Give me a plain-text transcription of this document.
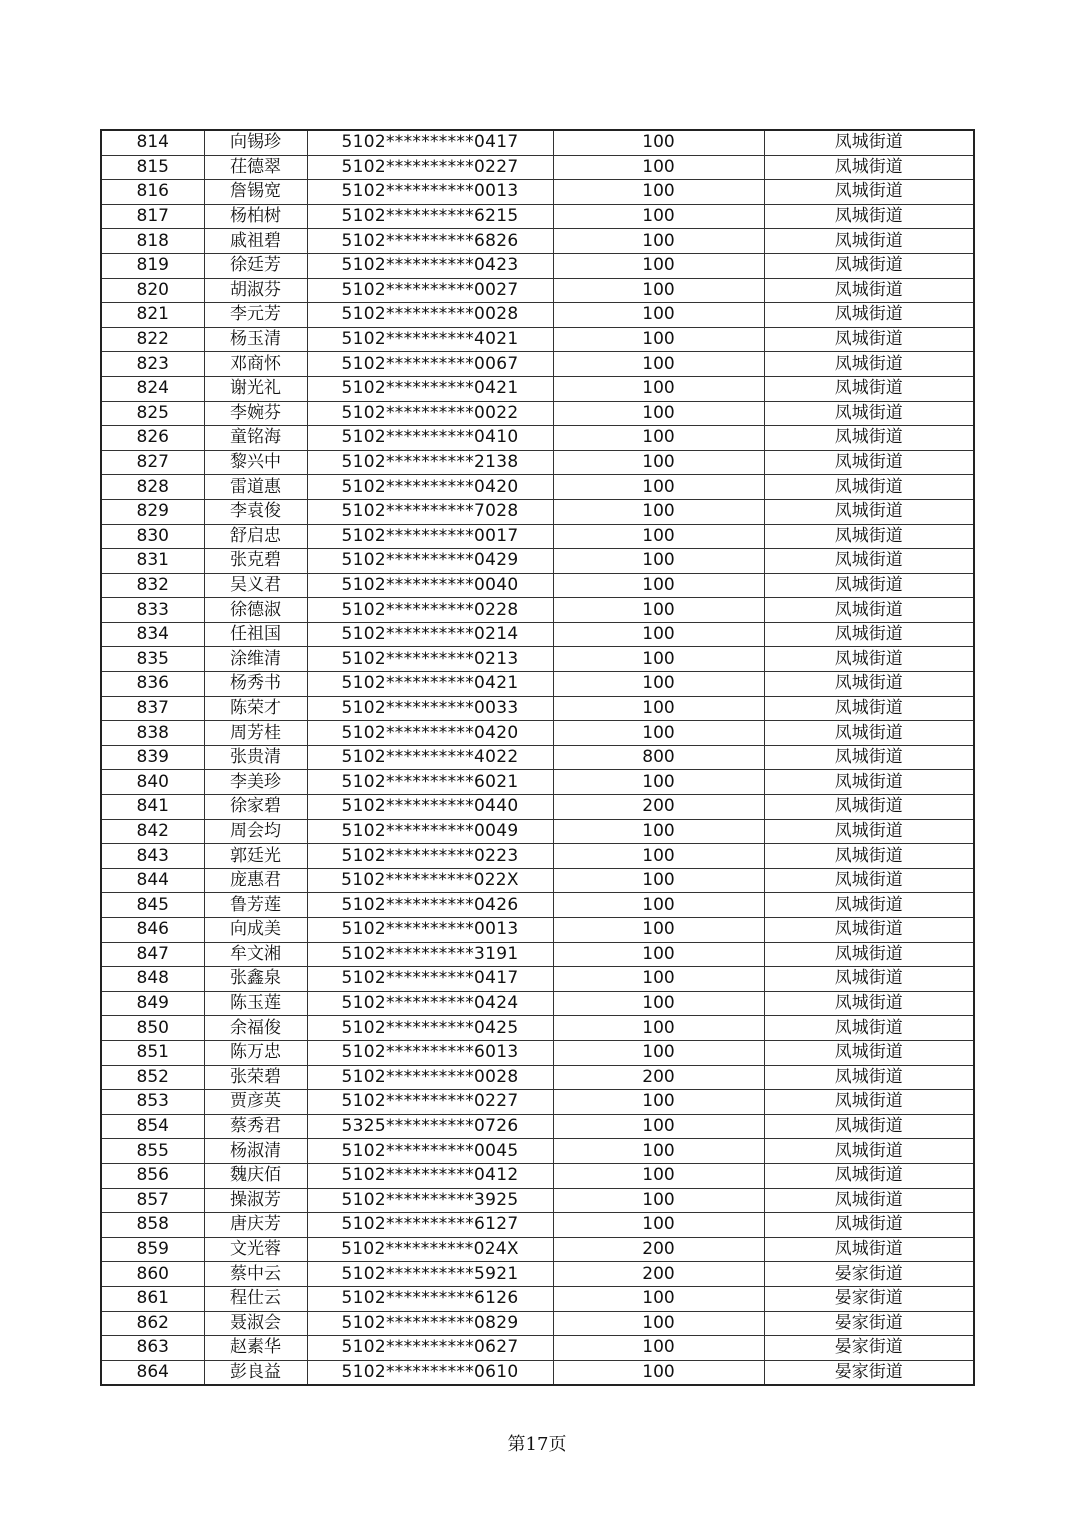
814	向锡珍	5102**********0417	100	凤城街道
815	茌德翠	5102**********0227	100	凤城街道
816	詹锡宽	5102**********0013	100	凤城街道
817	杨柏树	5102**********6215	100	凤城街道
818	戚祖碧	5102**********6826	100	凤城街道
819	徐廷芳	5102**********0423	100	凤城街道
820	胡淑芬	5102**********0027	100	凤城街道
821	李元芳	5102**********0028	100	凤城街道
822	杨玉清	5102**********4021	100	凤城街道
823	邓商怀	5102**********0067	100	凤城街道
824	谢光礼	5102**********0421	100	凤城街道
825	李婉芬	5102**********0022	100	凤城街道
826	童铭海	5102**********0410	100	凤城街道
827	黎兴中	5102**********2138	100	凤城街道
828	雷道惠	5102**********0420	100	凤城街道
829	李袁俊	5102**********7028	100	凤城街道
830	舒启忠	5102**********0017	100	凤城街道
831	张克碧	5102**********0429	100	凤城街道
832	吴义君	5102**********0040	100	凤城街道
833	徐德淑	5102**********0228	100	凤城街道
834	任祖国	5102**********0214	100	凤城街道
835	涂维清	5102**********0213	100	凤城街道
836	杨秀书	5102**********0421	100	凤城街道
837	陈荣才	5102**********0033	100	凤城街道
838	周芳桂	5102**********0420	100	凤城街道
839	张贵清	5102**********4022	800	凤城街道
840	李美珍	5102**********6021	100	凤城街道
841	徐家碧	5102**********0440	200	凤城街道
842	周会均	5102**********0049	100	凤城街道
843	郭廷光	5102**********0223	100	凤城街道
844	庞惠君	5102**********022X	100	凤城街道
845	鲁芳莲	5102**********0426	100	凤城街道
846	向成美	5102**********0013	100	凤城街道
847	牟文湘	5102**********3191	100	凤城街道
848	张鑫泉	5102**********0417	100	凤城街道
849	陈玉莲	5102**********0424	100	凤城街道
850	余福俊	5102**********0425	100	凤城街道
851	陈万忠	5102**********6013	100	凤城街道
852	张荣碧	5102**********0028	200	凤城街道
853	贾彦英	5102**********0227	100	凤城街道
854	蔡秀君	5325**********0726	100	凤城街道
855	杨淑清	5102**********0045	100	凤城街道
856	魏庆佰	5102**********0412	100	凤城街道
857	操淑芳	5102**********3925	100	凤城街道
858	唐庆芳	5102**********6127	100	凤城街道
859	文光蓉	5102**********024X	200	凤城街道
860	蔡中云	5102**********5921	200	晏家街道
861	程仕云	5102**********6126	100	晏家街道
862	聂淑会	5102**********0829	100	晏家街道
863	赵素华	5102**********0627	100	晏家街道
864	彭良益	5102**********0610	100	晏家街道
第17页
